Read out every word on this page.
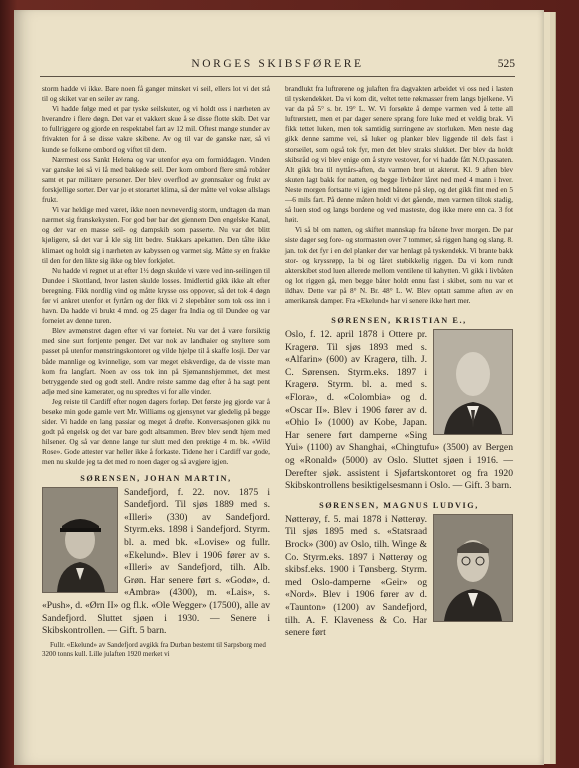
NORGES SKIBSFØRERE	525

storm hadde vi ikke. Bare noen få ganger minsket vi seil, ellers lot vi det stå til og skiket var en seiler av rang.

Vi hadde følge med et par tyske seilskuter, og vi holdt oss i nærheten av hverandre i flere døgn. Det var et vakkert skue å se disse flotte skib. Det var to fullriggere og gjorde en respektabel fart av 12 mil. Oftest mange stunder av frivakten for å se disse vakre skibene. Av og til var de ganske nær, så vi kunde se folkene ombord og viftet til dem.

Nærmest oss Sankt Helena og var utenfor øya om formiddagen. Vinden var ganske løi så vi lå med bakkede seil. Der kom ombord flere små robåter samt et par militære personer. Der blev overflod av grønnsaker og frukt av forskjellige sorter. Der var jo et storartet klima, så der måtte vel vokse allslags frukt.

Vi var heldige med været, ikke noen nevneverdig storm, undtagen da man nærmet sig franskekysten. For god bør bar det gjennem Den engelske Kanal, og der var en masse seil- og dampskib som passerte. Nu var det blitt kjøligere, så det var å kle sig litt bedre. Stakkars apekatten. Den tålte ikke klimaet og holdt sig i nærheten av kabyssen og varmet sig. Måtte sy en frakke til den for den likte sig ikke og blev forkjølet.

Nu hadde vi regnet ut at efter 1½ døgn skulde vi være ved inn-seilingen til Dundee i Skottland, hvor lasten skulde losses. Imidlertid gikk ikke alt efter beregning. Fikk nordlig vind og måtte krysse oss oppover, så det tok 4 døgn før vi ankret utenfor et fyrtårn og der fikk vi 2 slepebåter som tok oss inn i havn. Da hadde vi brukt 4 mnd. og 25 dager fra India og til Dundee og var forneiet av denne turen.

Blev avmønstret dagen efter vi var forteiet. Nu var det å være forsiktig med sine surt fortjente penger. Det var nok av landhaier og snyltere som passet på utenfor mønstringskontoret og vilde hjelpe til å skaffe losji. Der var både mannlige og kvinnelige, som var meget elskverdige, da de visste man kom fra langfart. Noen av oss tok inn på Sjømannshjemmet, det mest betryggende sted og godt stell. Andre reiste samme dag efter å ha sagt pent adjø med sine kamerater, og nu spredtes vi for alle vinder.

Jeg reiste til Cardiff efter nogen dagers forløp. Det første jeg gjorde var å besøke min gode gamle vert Mr. Williams og gjensynet var gledelig på begge sider. Vi hadde en lang passiar og meget å drøfte. Konversasjonen gikk nu godt på engelsk og det var bare godt altsammen. Brev blev sendt hjem med hilsener. Og så var denne lange tur slutt med den prektige 4 m. bk. «Wild Rose». Gode attester var heller ikke å forkaste. Tidene her i Cardiff var gode, men nu skulde jeg ta det med ro noen dager og så avgjøre igjen.

SØRENSEN, JOHAN MARTIN,

Sandefjord, f. 22. nov. 1875 i Sandefjord. Til sjøs 1889 med s. «Illeri» (330) av Sandefjord. Styrm.eks. 1898 i Sandefjord. Styrm. bl. a. med bk. «Lovise» og fullr. «Ekelund». Blev i 1906 fører av s. «Illeri» av Sandefjord, tilh. Alb. Grøn. Har senere ført s. «Godø», d. «Ambra» (4300), m. «Lais», s. «Push», d. «Ørn II» og fl.k. «Ole Wegger» (17500), alle av Sandefjord. Sluttet sjøen i 1930. — Senere i Skibskontrollen. — Gift. 5 barn.

Fullr. «Ekelund» av Sandefjord avgikk fra Durban bestemt til Sarpsborg med 3200 tonns kull. Lille julaften 1920 merket vi

brandlukt fra luftrørene og julaften fra dagvakten arbeidet vi oss ned i lasten til tyskendekket. Da vi kom dit, veltet tette røkmasser frem langs bjelkene. Vi var da på 5° s. br. 19° L. W. Vi forsøkte å dempe varmen ved å tette all luftrørstett, men et par dager senere sprang fore luke med et veldig brak. Vi fikk tettet luken, men tok samtidig surringene av storluken. Men neste dag gikk denne samme vei, så luker og planker blev liggende til dels fast i storseilet, som også tok fyr, men det blev straks slukket. Der blev da holdt skibsråd og vi blev enige om å styre vestover, for vi hadde fått N.O.passaten. Alt gikk bra til nyttårs-aften, da varmen brøt ut akterut. Kl. 9 aften blev skuten lagt bakk for natten, og begge livbåter låret ned med 4 mann i hver. Neste morgen fortsatte vi igjen med båtene på slep, og det gikk fint med en 5—6 mils fart. På denne måten holdt vi det gående, men varmen tiltok stadig, så luen stod og langs bordene og ved masteste, dog ikke mere enn ca. 3 fot høit.

Vi så bl om natten, og skiftet mannskap fra båtene hver morgen. De par siste dager seg fore- og stormasten over 7 tommer, så riggen hang og slang. 8. jan. tok det fyr i en del planker der var henlagt på tyskendekk. Vi brante bakk stor- og kryssrøpp, la bi og låret støbikkelig riggen. Da vi kom rundt akterskibet stod luen allerede mellom ventilene til kahytten. Vi gikk i livbåten og lot riggen gå, men begge båter holdt ennu fast i skibet, som nu var et ildhav. Dette var på 8° N. Br. 48° L. W. Blev optatt samme aften av en amerikansk damper. Fra «Ekelund» har vi senere ikke hørt mer.

SØRENSEN, KRISTIAN E.,

Oslo, f. 12. april 1878 i Ottere pr. Kragerø. Til sjøs 1893 med s. «Alfarin» (600) av Kragerø, tilh. J. C. Sørensen. Styrm.eks. 1897 i Kragerø. Styrm. bl. a. med s. «Flora», d. «Colombia» og d. «Oscar II». Blev i 1906 fører av d. «Ohio I» (1000) av Kobe, Japan. Har senere ført damperne «Sing Yui» (1100) av Shanghai, «Chingtufu» (3500) av Bergen og «Ronald» (5000) av Oslo. Sluttet sjøen i 1916. — Derefter sjøk. assistent i Sjøfartskontoret og fra 1920 Skibskontrollens besiktigelsesmann i Oslo. — Gift. 3 barn.

SØRENSEN, MAGNUS LUDVIG,

Nøtterøy, f. 5. mai 1878 i Nøtterøy. Til sjøs 1895 med s. «Statsraad Brock» (300) av Oslo, tilh. Winge & Co. Styrm.eks. 1897 i Nøtterøy og skibsf.eks. 1900 i Tønsberg. Styrm. med Oslo-damperne «Geir» og «Nord». Blev i 1906 fører av d. «Taunton» (1200) av Sandefjord, tilh. A. F. Klaveness & Co. Har senere ført
